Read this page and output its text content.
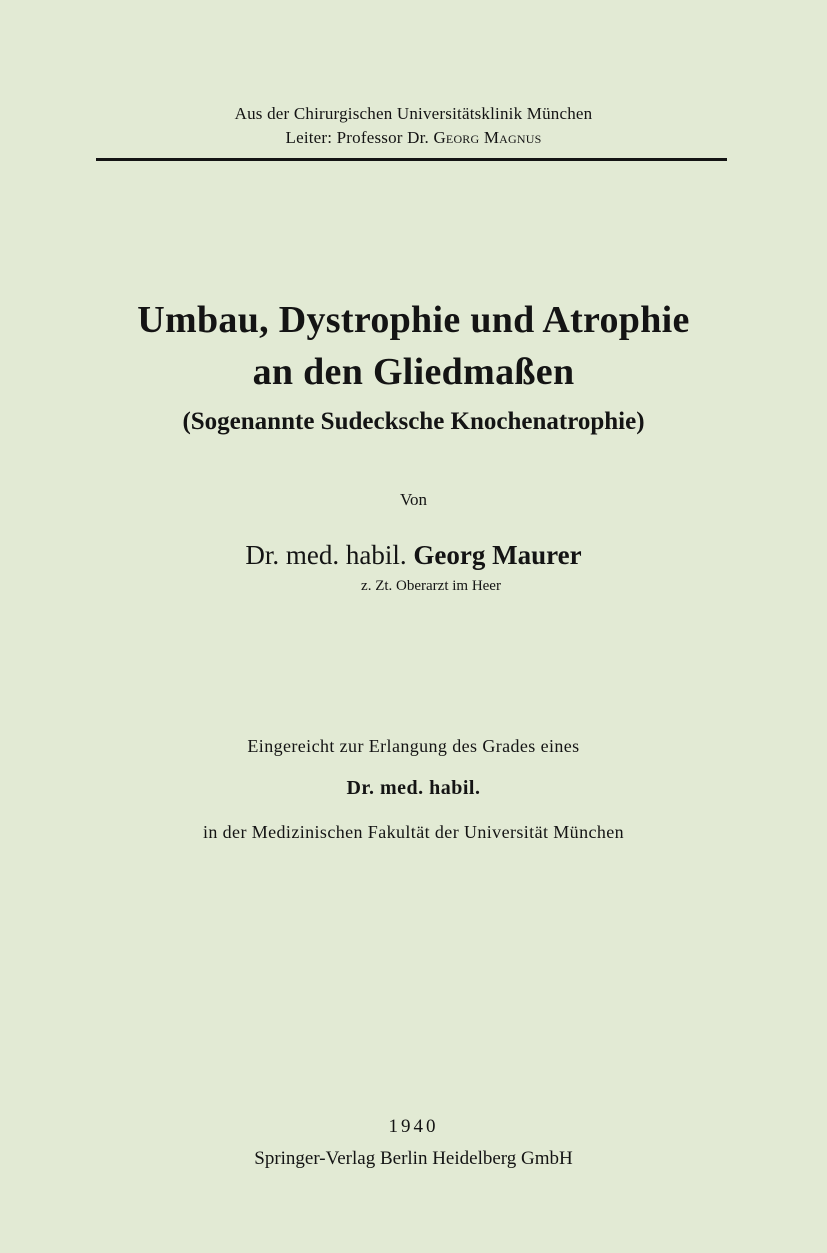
Aus der Chirurgischen Universitätsklinik München
Leiter: Professor Dr. Georg Magnus
Umbau, Dystrophie und Atrophie
an den Gliedmaßen
(Sogenannte Sudecksche Knochenatrophie)
Von
Dr. med. habil. Georg Maurer
z. Zt. Oberarzt im Heer
Eingereicht zur Erlangung des Grades eines
Dr. med. habil.
in der Medizinischen Fakultät der Universität München
1940
Springer-Verlag Berlin Heidelberg GmbH
